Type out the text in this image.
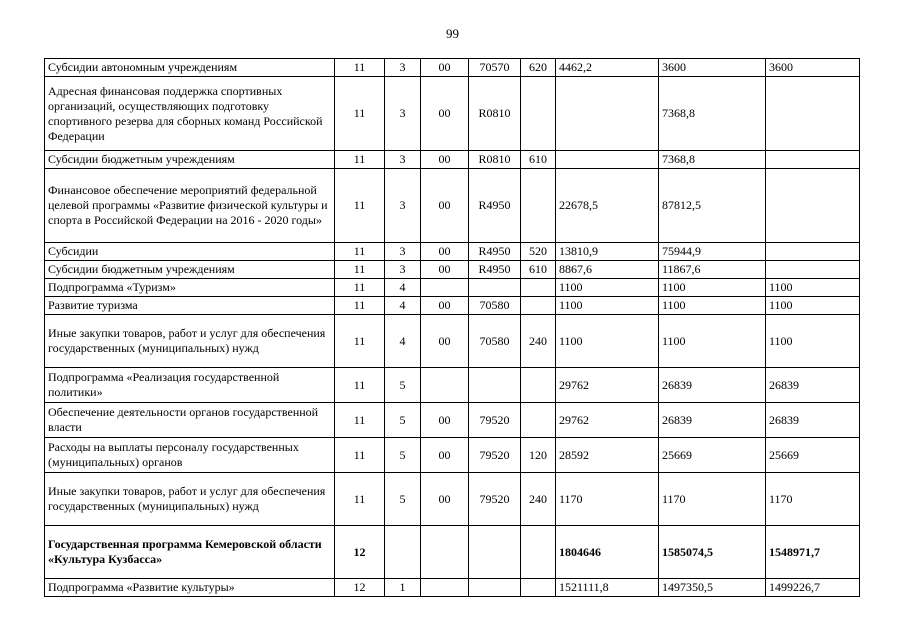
99
Субсидии автономным учреждениям	11	3	00	70570	620	4462,2	3600	3600
Адресная финансовая поддержка спортивных организаций, осуществляющих подготовку спортивного резерва для сборных команд Российской Федерации	11	3	00	R0810			7368,8	
Субсидии бюджетным учреждениям	11	3	00	R0810	610		7368,8	
Финансовое обеспечение мероприятий федеральной целевой программы «Развитие физической культуры и спорта в Российской Федерации на 2016 - 2020 годы»	11	3	00	R4950		22678,5	87812,5	
Субсидии	11	3	00	R4950	520	13810,9	75944,9	
Субсидии бюджетным учреждениям	11	3	00	R4950	610	8867,6	11867,6	
Подпрограмма «Туризм»	11	4				1100	1100	1100
Развитие туризма	11	4	00	70580		1100	1100	1100
Иные закупки товаров, работ и услуг для обеспечения государственных (муниципальных) нужд	11	4	00	70580	240	1100	1100	1100
Подпрограмма «Реализация государственной политики»	11	5				29762	26839	26839
Обеспечение деятельности органов государственной власти	11	5	00	79520		29762	26839	26839
Расходы на выплаты персоналу государственных (муниципальных) органов	11	5	00	79520	120	28592	25669	25669
Иные закупки товаров, работ и услуг для обеспечения государственных (муниципальных) нужд	11	5	00	79520	240	1170	1170	1170
Государственная программа Кемеровской области «Культура Кузбасса»	12					1804646	1585074,5	1548971,7
Подпрограмма «Развитие культуры»	12	1				1521111,8	1497350,5	1499226,7
